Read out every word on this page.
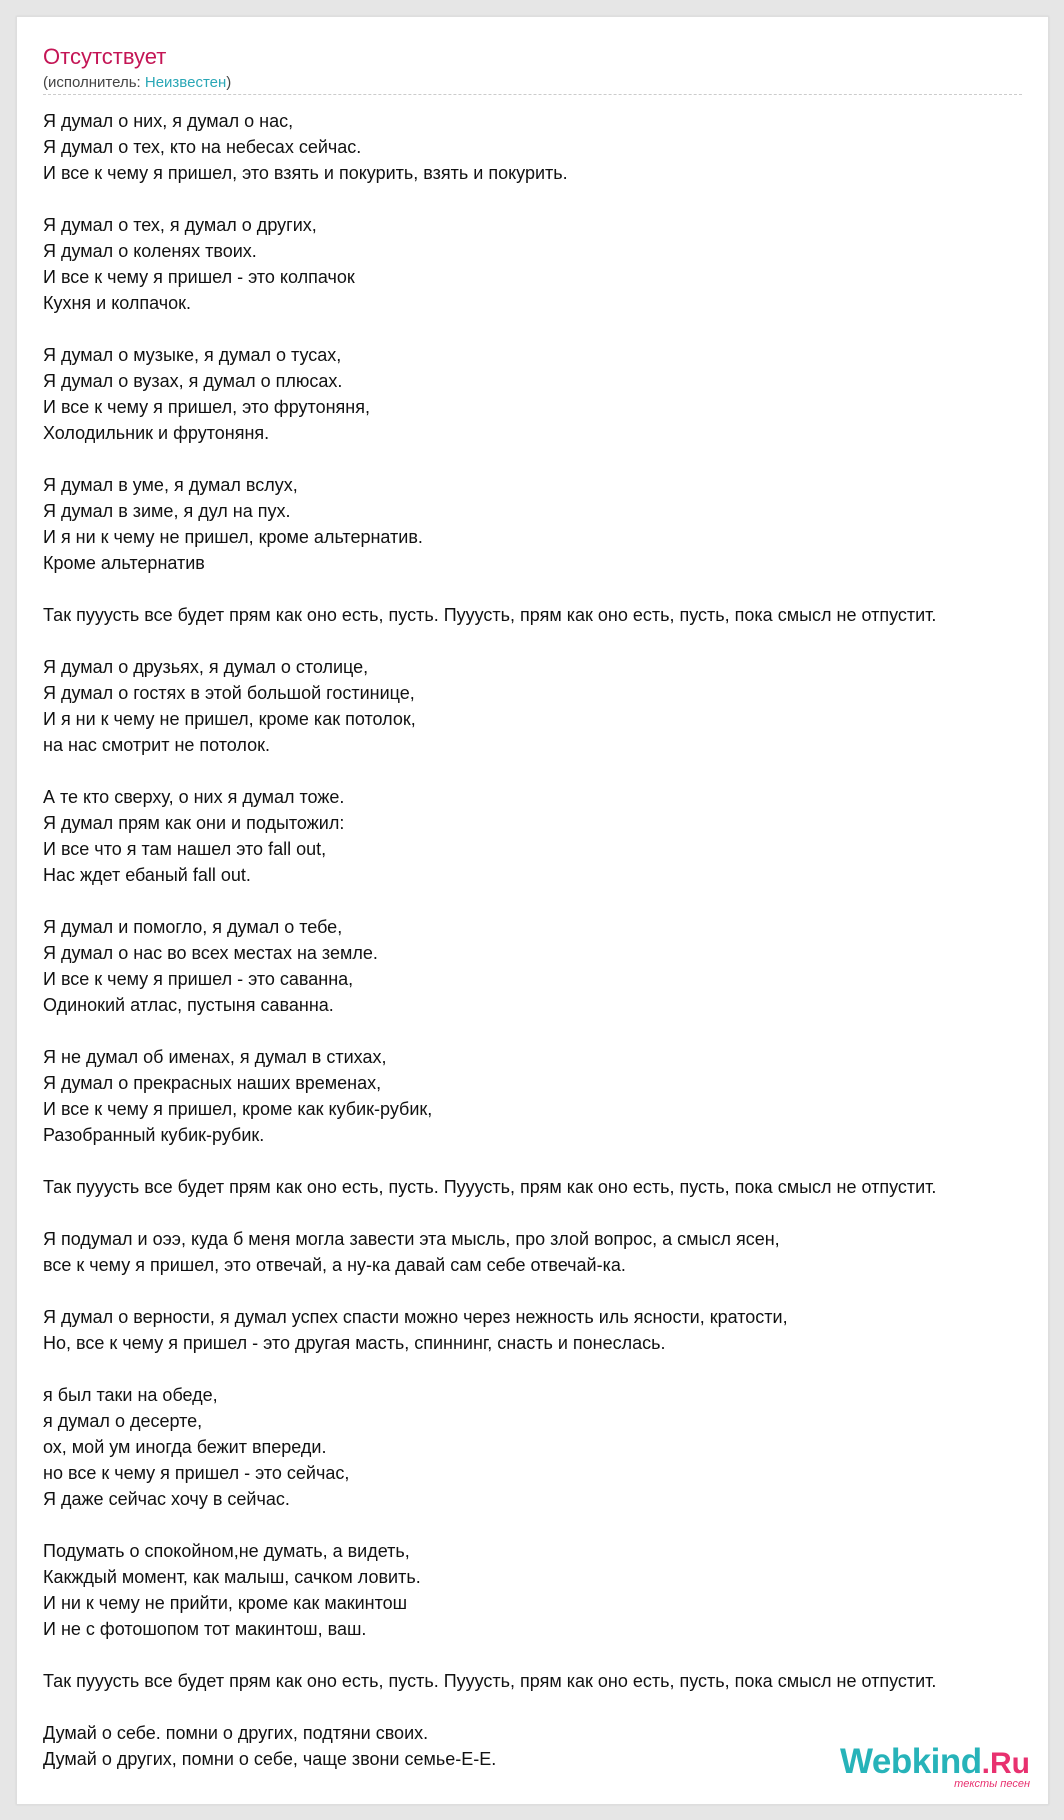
Отсутствует
(исполнитель: Неизвестен)
Я думал о них, я думал о нас,
Я думал о тех, кто на небесах сейчас.
И все к чему я пришел, это взять и покурить, взять и покурить.

Я думал о тех, я думал о других,
Я думал о коленях твоих.
И все к чему я пришел - это колпачок
Кухня и колпачок.

Я думал о музыке, я думал о тусах,
Я думал о вузах, я думал о плюсах.
И все к чему я пришел, это фрутоняня,
Холодильник и фрутоняня.

Я думал в уме, я думал вслух,
Я думал в зиме, я дул на пух.
И я ни к чему не пришел, кроме альтернатив.
Кроме альтернатив

Так пууусть все будет прям как оно есть, пусть. Пууусть, прям как оно есть, пусть, пока смысл не отпустит.

Я думал о друзьях, я думал о столице,
Я думал о гостях в этой большой гостинице,
И я ни к чему не пришел, кроме как потолок,
на нас смотрит не потолок.

А те кто сверху, о них я думал тоже.
Я думал прям как они и подытожил:
И все что я там нашел это fall out,
Нас ждет ебаный fall out.

Я думал и помогло, я думал о тебе,
Я думал о нас во всех местах на земле.
И все к чему я пришел - это саванна,
Одинокий атлас, пустыня саванна.

Я не думал об именах, я думал в стихах,
Я думал о прекрасных наших временах,
И все к чему я пришел, кроме как кубик-рубик,
Разобранный кубик-рубик.

Так пууусть все будет прям как оно есть, пусть. Пууусть, прям как оно есть, пусть, пока смысл не отпустит.

Я подумал и оээ, куда б меня могла завести эта мысль, про злой вопрос, а смысл ясен,
все к чему я пришел, это отвечай, а ну-ка давай сам себе отвечай-ка.

Я думал о верности, я думал успех спасти можно через нежность иль ясности, кратости,
Но, все к чему я пришел - это другая масть, спиннинг, снасть и понеслась.

я был таки на обеде,
я думал о десерте,
ох, мой ум иногда бежит впереди.
но все к чему я пришел - это сейчас,
Я даже сейчас хочу в сейчас.

Подумать о спокойном,не думать, а видеть,
Какждый момент, как малыш, сачком ловить.
И ни к чему не прийти, кроме как макинтош
И не с фотошопом тот макинтош, ваш.

Так пууусть все будет прям как оно есть, пусть. Пууусть, прям как оно есть, пусть, пока смысл не отпустит.

Думай о себе. помни о других, подтяни своих.
Думай о других, помни о себе, чаще звони семье-Е-Е.	Webkind.Ru
тексты песен
